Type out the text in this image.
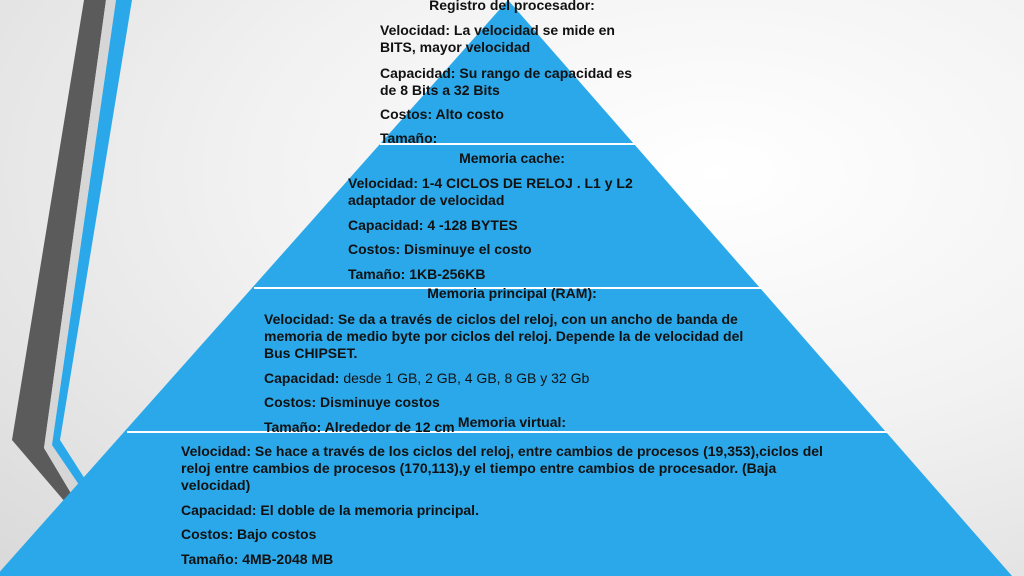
Registro del procesador:
Velocidad: La velocidad se mide en BITS, mayor velocidad
Capacidad: Su rango de capacidad es de 8 Bits a 32 Bits
Costos: Alto costo
Tamaño:
Memoria cache:
Velocidad: 1-4 CICLOS DE RELOJ . L1 y L2 adaptador de velocidad
Capacidad: 4 -128 BYTES
Costos: Disminuye el costo
Tamaño: 1KB-256KB
Memoria principal (RAM):
Velocidad: Se da a través de ciclos del reloj, con un ancho de banda de memoria de medio byte por ciclos del reloj. Depende la de velocidad del Bus CHIPSET.
Capacidad: desde 1 GB, 2 GB, 4 GB, 8 GB y 32 Gb
Costos: Disminuye costos
Tamaño: Alrededor de 12 cm Memoria virtual:
Velocidad: Se hace a través de los ciclos del reloj, entre cambios de procesos (19,353),ciclos del reloj entre cambios de procesos (170,113),y el tiempo entre cambios de procesador. (Baja velocidad)
Capacidad: El doble de la memoria principal.
Costos: Bajo costos
Tamaño: 4MB-2048 MB
